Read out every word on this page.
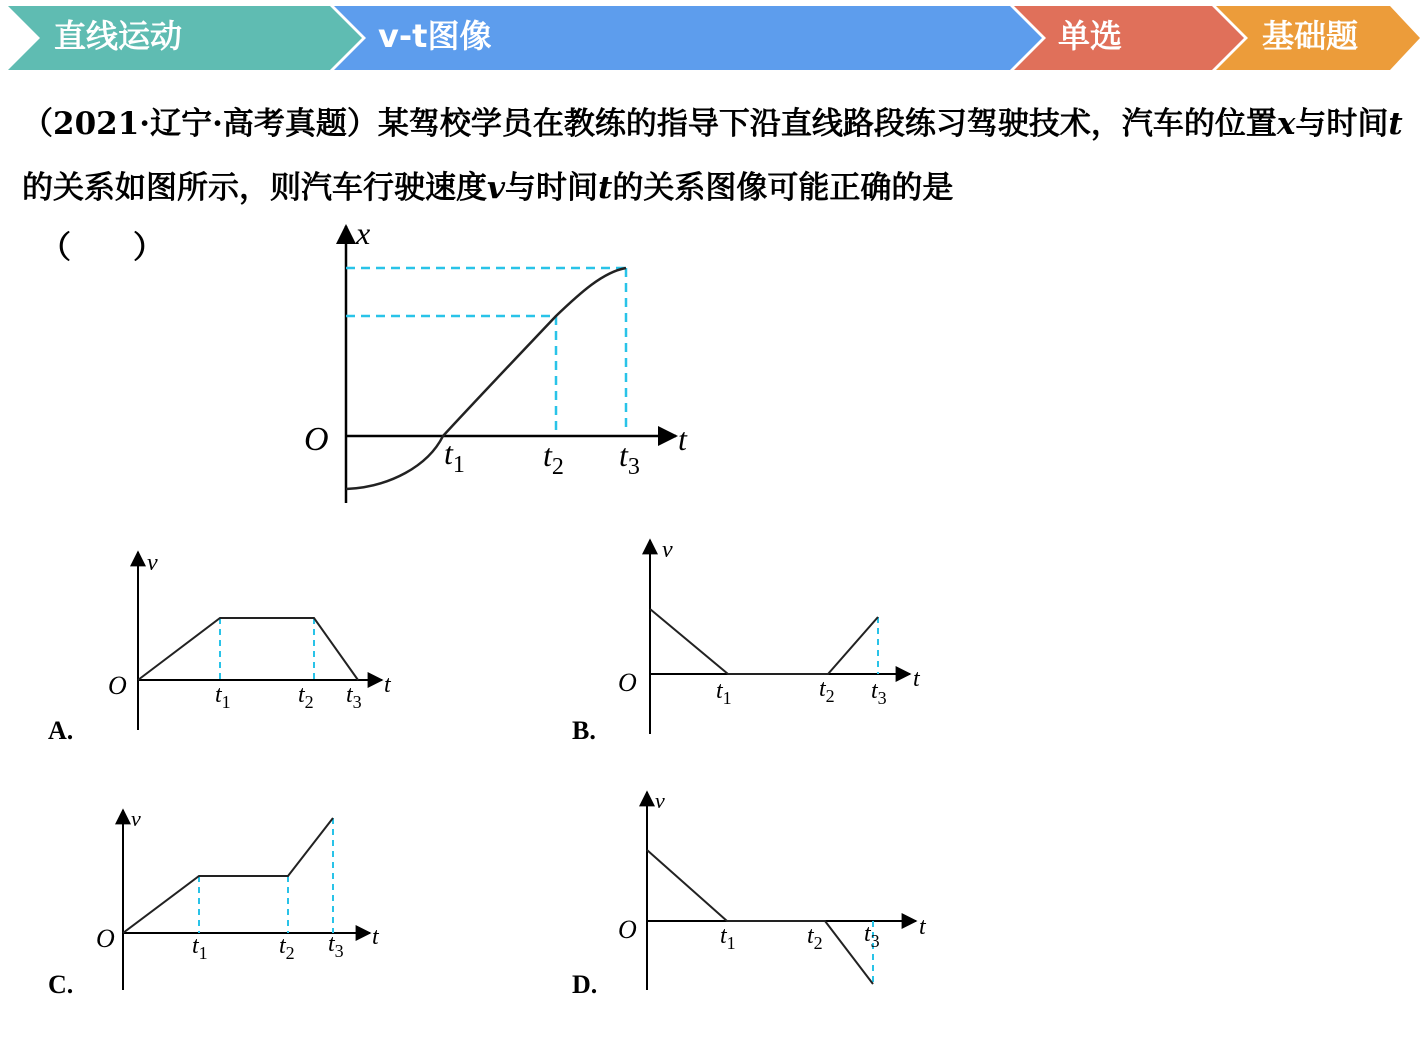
直线运动	v-t图像	单选	基础题
（2021·辽宁·高考真题）某驾校学员在教练的指导下沿直线路段练习驾驶技术，汽车的位置x与时间t的关系如图所示，则汽车行驶速度v与时间t的关系图像可能正确的是
（　　）	x
t
O	$t_1$ $t_2$ $t_3$
v
t
O	$t_1$	$t_2$ $t_3$
A.
v
t
O	$t_1$	$t_2$ $t_3$
B.
v
t
O	$t_1$	$t_2$ $t_3$
C.
v
t
O	$t_1$	$t_2$ $t_3$
D.
